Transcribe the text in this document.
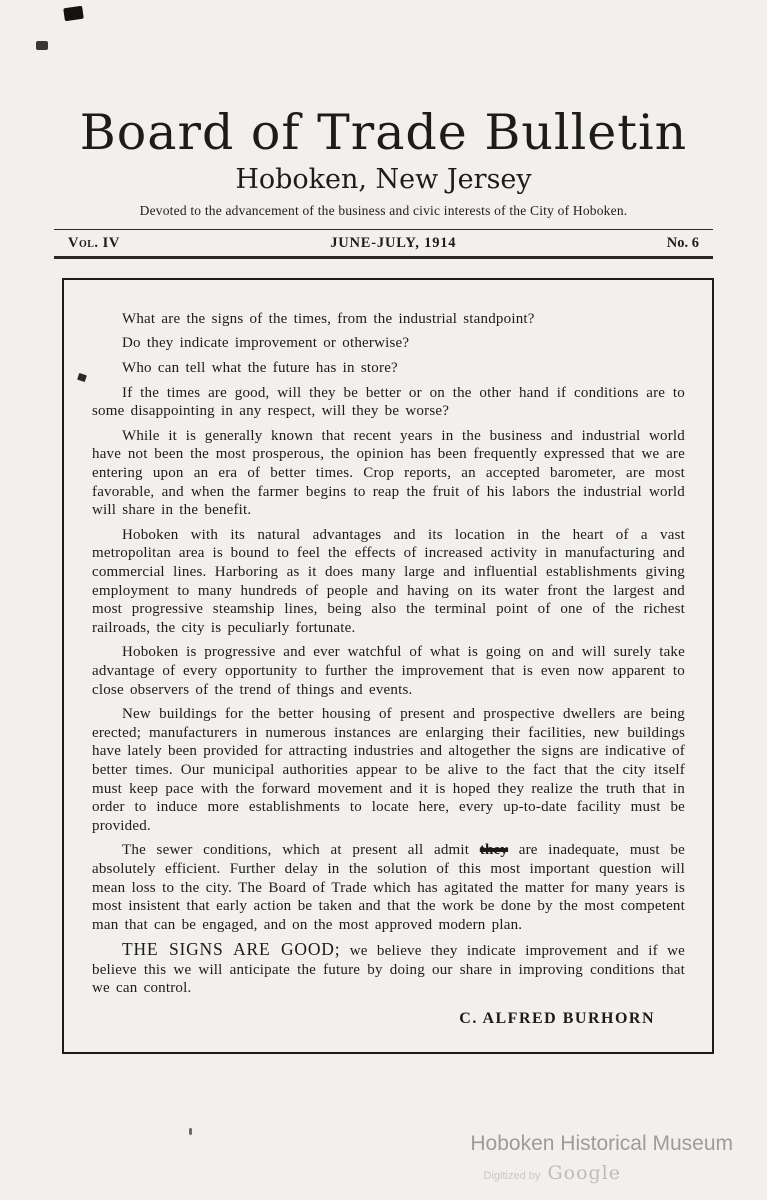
Board of Trade Bulletin
Hoboken, New Jersey
Devoted to the advancement of the business and civic interests of the City of Hoboken.
Vol. IV	JUNE-JULY, 1914	No. 6

What are the signs of the times, from the industrial standpoint?

Do they indicate improvement or otherwise?

Who can tell what the future has in store?

If the times are good, will they be better or on the other hand if conditions are to some disappointing in any respect, will they be worse?

While it is generally known that recent years in the business and industrial world have not been the most prosperous, the opinion has been frequently expressed that we are entering upon an era of better times. Crop reports, an accepted barometer, are most favorable, and when the farmer begins to reap the fruit of his labors the industrial world will share in the benefit.

Hoboken with its natural advantages and its location in the heart of a vast metropolitan area is bound to feel the effects of increased activity in manufacturing and commercial lines. Harboring as it does many large and influential establishments giving employment to many hundreds of people and having on its water front the largest and most progressive steamship lines, being also the terminal point of one of the richest railroads, the city is peculiarly fortunate.

Hoboken is progressive and ever watchful of what is going on and will surely take advantage of every opportunity to further the improvement that is even now apparent to close observers of the trend of things and events.

New buildings for the better housing of present and prospective dwellers are being erected; manufacturers in numerous instances are enlarging their facilities, new buildings have lately been provided for attracting industries and altogether the signs are indicative of better times. Our municipal authorities appear to be alive to the fact that the city itself must keep pace with the forward movement and it is hoped they realize the truth that in order to induce more establishments to locate here, every up-to-date facility must be provided.

The sewer conditions, which at present all admit they are inadequate, must be absolutely efficient. Further delay in the solution of this most important question will mean loss to the city. The Board of Trade which has agitated the matter for many years is most insistent that early action be taken and that the work be done by the most competent man that can be engaged, and on the most approved modern plan.

THE SIGNS ARE GOOD; we believe they indicate improvement and if we believe this we will anticipate the future by doing our share in improving conditions that we can control.

C. ALFRED BURHORN
Hoboken Historical Museum
Digitized by Google
